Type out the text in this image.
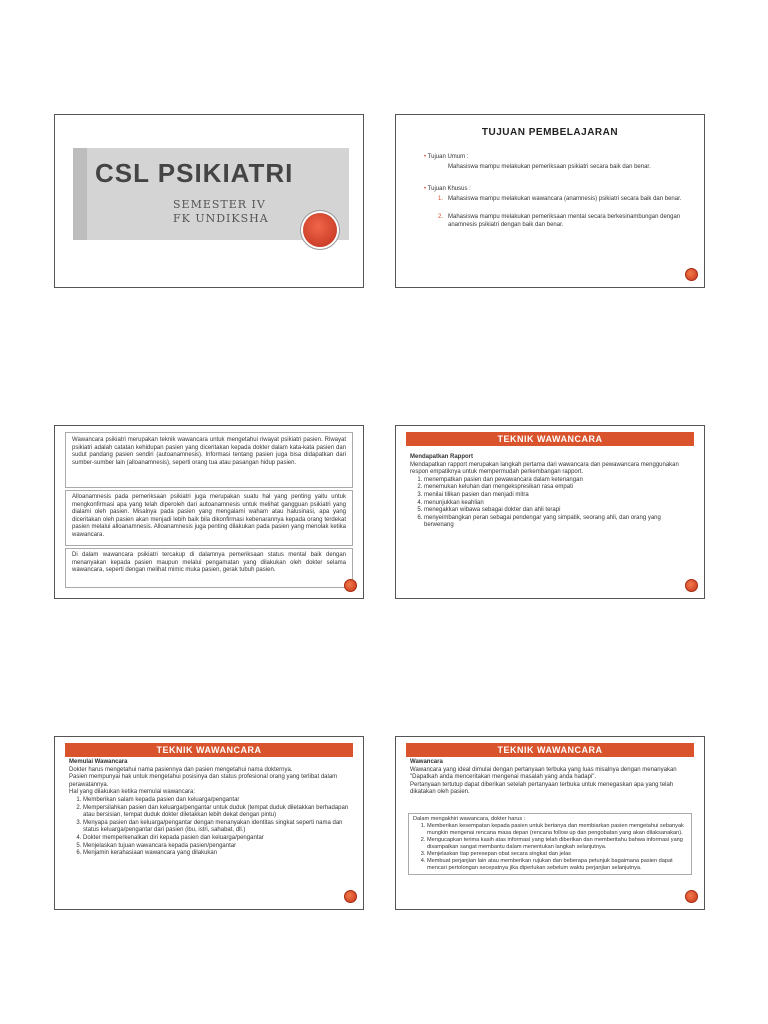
CSL PSIKIATRI
SEMESTER IV
FK UNDIKSHA
TUJUAN PEMBELAJARAN
• Tujuan Umum :
Mahasiswa mampu melakukan pemeriksaan psikiatri secara baik dan benar.
• Tujuan Khusus :
1. Mahasiswa mampu melakukan wawancara (anamnesis) psikiatri secara baik dan benar.
2. Mahasiswa mampu melakukan pemeriksaan mental secara berkesinambungan dengan anamnesis psikiatri dengan baik dan benar.

Wawancara psikiatri merupakan teknik wawancara untuk mengetahui riwayat psikiatri pasien. Riwayat psikiatri adalah catatan kehidupan pasien yang diceritakan kepada dokter dalam kata-kata pasien dan sudut pandang pasien sendiri (autoanamnesis). Informasi tentang pasien juga bisa didapatkan dari sumber-sumber lain (alloanamnesis), seperti orang tua atau pasangan hidup pasien.

Alloanamnesis pada pemeriksaan psikiatri juga merupakan suatu hal yang penting yaitu untuk mengkonfirmasi apa yang telah diperoleh dari autoanamnesis untuk melihat gangguan psikiatri yang dialami oleh pasien. Misalnya pada pasien yang mengalami waham atau halusinasi, apa yang diceritakan oleh pasien akan menjadi lebih baik bila dikonfirmasi kebenarannya kepada orang terdekat pasien melalui alloanamnesis. Alloanamnesis juga penting dilakukan pada pasien yang menolak ketika wawancara.

Di dalam wawancara psikiatri tercakup di dalamnya pemeriksaan status mental baik dengan menanyakan kepada pasien maupun melalui pengamatan yang dilakukan oleh dokter selama wawancara, seperti dengan melihat mimic muka pasien, gerak tubuh pasien.

TEKNIK WAWANCARA

Mendapatkan Rapport

Mendapatkan rapport merupakan langkah pertama dari wawancara dan pewawancara menggunakan respon empatiknya untuk mempermudah perkembangan rapport.

1. menempatkan pasien dan pewawancara dalam ketenangan
2. menemukan keluhan dan mengekspresikan rasa empati
3. menilai tilikan pasien dan menjadi mitra
4. menunjukkan keahlian
5. menegakkan wibawa sebagai dokter dan ahli terapi
6. menyeimbangkan peran sebagai pendengar yang simpatik, seorang ahli, dan orang yang berwenang
TEKNIK WAWANCARA

Memulai Wawancara

Dokter harus mengetahui nama pasiennya dan pasien mengetahui nama dokternya.

Pasien mempunyai hak untuk mengetahui posisinya dan status profesional orang yang terlibat dalam perawatannya.

Hal yang dilakukan ketika memulai wawancara:

1. Memberikan salam kepada pasien dan keluarga/pengantar
2. Mempersilahkan pasien dan keluarga/pengantar untuk duduk (tempat duduk diletakkan berhadapan atau bersisian, tempat duduk dokter diletakkan lebih dekat dengan pintu)
3. Menyapa pasien dan keluarga/pengantar dengan menanyakan identitas singkat seperti nama dan status keluarga/pengantar dari pasien (ibu, istri, sahabat, dll.)
4. Dokter memperkenalkan diri kepada pasien dan keluarga/pengantar
5. Menjelaskan tujuan wawancara kepada pasien/pengantar
6. Menjamin kerahasiaan wawancara yang dilakukan
TEKNIK WAWANCARA

Wawancara

Wawancara yang ideal dimulai dengan pertanyaan terbuka yang luas misalnya dengan menanyakan "Dapatkah anda menceritakan mengenai masalah yang anda hadapi".

Pertanyaan tertutup dapat diberikan setelah pertanyaan terbuka untuk menegaskan apa yang telah dikatakan oleh pasien.

Dalam mengakhiri wawancara, dokter harus :

1. Memberikan kesempatan kepada pasien untuk bertanya dan membiarkan pasien mengetahui sebanyak mungkin mengenai rencana masa depan (rencana follow up dan pengobatan yang akan dilaksanakan).
2. Mengucapkan terima kasih atas informasi yang telah diberikan dan memberitahu bahwa informasi yang disampaikan sangat membantu dalam menentukan langkah selanjutnya.
3. Menjelaskan tiap peresepan obat secara singkat dan jelas
4. Membuat perjanjian lain atau memberikan rujukan dan beberapa petunjuk bagaimana pasien dapat mencari pertolongan secepatnya jika diperlukan sebelum waktu perjanjian selanjutnya.
